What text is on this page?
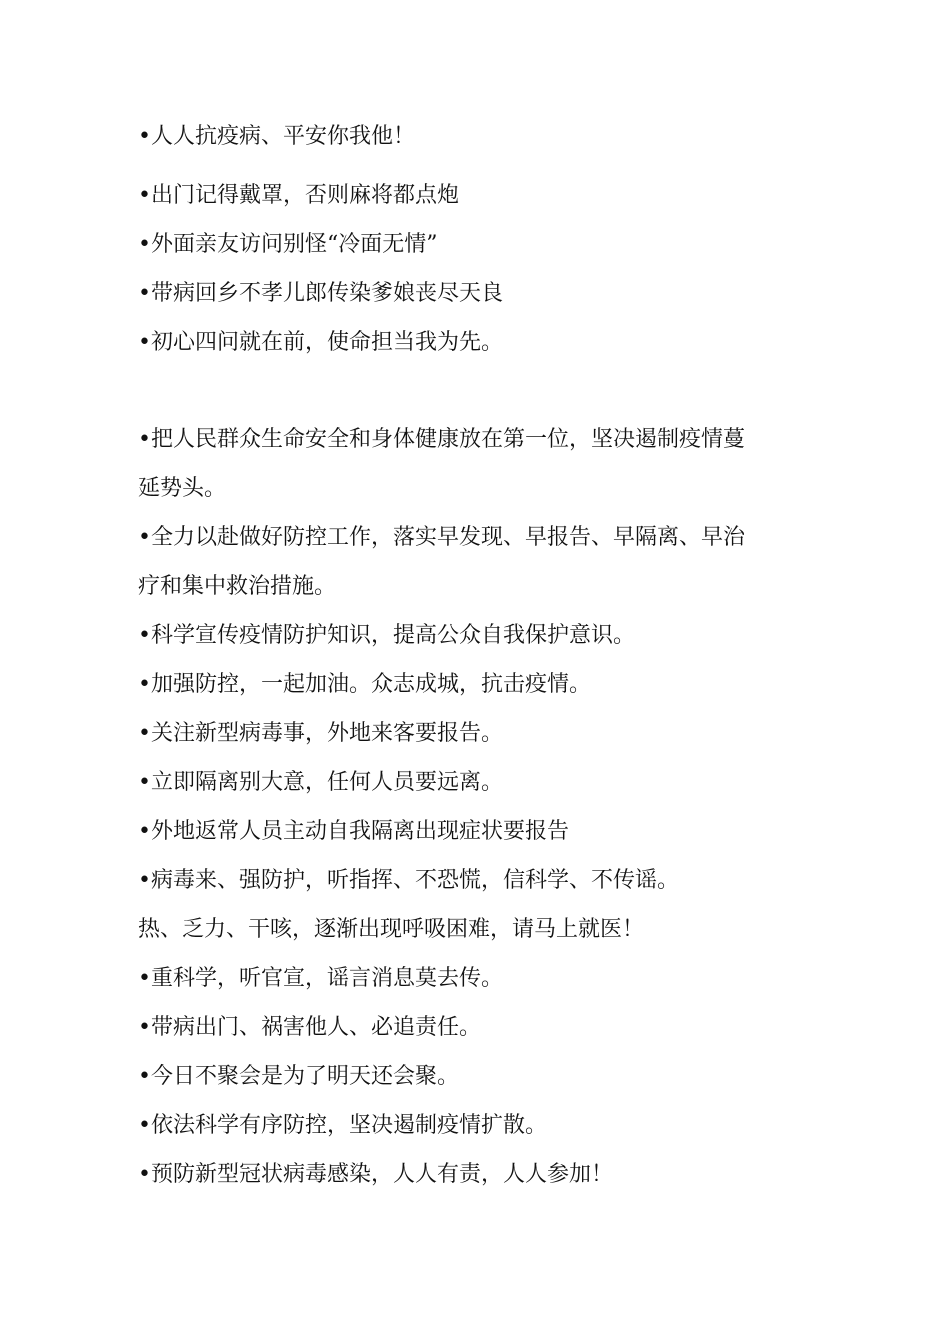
•人人抗疫病、平安你我他！

•出门记得戴罩，否则麻将都点炮

•外面亲友访问别怪“冷面无情”

•带病回乡不孝儿郎传染爹娘丧尽天良

•初心四问就在前，使命担当我为先。

•把人民群众生命安全和身体健康放在第一位，坚决遏制疫情蔓

延势头。

•全力以赴做好防控工作，落实早发现、早报告、早隔离、早治

疗和集中救治措施。

•科学宣传疫情防护知识，提高公众自我保护意识。

•加强防控，一起加油。众志成城，抗击疫情。

•关注新型病毒事，外地来客要报告。

•立即隔离别大意，任何人员要远离。

•外地返常人员主动自我隔离出现症状要报告

•病毒来、强防护，听指挥、不恐慌，信科学、不传谣。

热、乏力、干咳，逐渐出现呼吸困难，请马上就医！

•重科学，听官宣，谣言消息莫去传。

•带病出门、祸害他人、必追责任。

•今日不聚会是为了明天还会聚。

•依法科学有序防控，坚决遏制疫情扩散。

•预防新型冠状病毒感染，人人有责，人人参加！
